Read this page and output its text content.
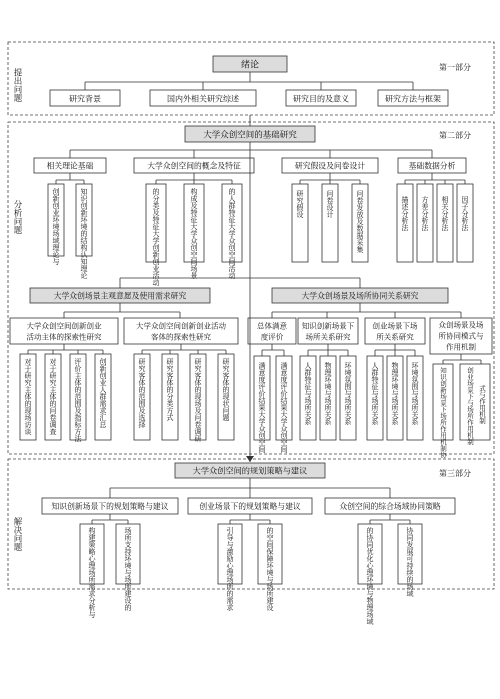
提出问题
分析问题
解决问题
第一部分
第二部分
第三部分
绪论
研究背景	国内外相关研究综述	研究目的及意义	研究方法与框架
大学众创空间的基础研究
相关理论基础	大学众创空间的概念及特征	研究假设及问卷设计	基础数据分析
创新创业环境场域理论与	知识创新环境的结构认知理论	的分类及特征大学创新创业活动	构成及特征大学众创空间场景	的人群特征大学众创空间活动	研究假设	问卷设计	问卷发放及数据采集	描述分析法 方差分析法 相关分析法 因子分析法
大学众创场景主观意愿及使用需求研究
大学众创空间创新创业
活动主体的探索性研究
大学众创空间创新创业活动
客体的探索性研究
对于研究主体的现场访谈 对于研究主体的问卷调查 评价主体的范围及指标方法 创新创业人群需求汇总	研究客体的范围及选择	研究客体的分类方式	研究客体的现场及问卷调研	研究客体的现状问题
大学众创场景及场所协同关系研究
总体满意
度评价
知识创新场景下
场所关系研究
创业场景下场
所关系研究
众创场景及场
所协同模式与
作用机制
满意度评价结果大学众创空间 满意度评价结果大学众创空间 人群特征与场所关系 物理环境与场所关系 环境氛围与场所关系	人群特征与场所关系 物理环境与场所关系 环境氛围与场所关系	知识创新场景下场所作用机制协	创业场景下与场所作用机制 式与作用机制
大学众创空间的规划策略与建议
知识创新场景下的规划策略与建议	创业场景下的规划策略与建议	众创空间的综合场域协同策略
构建策略心理场所需求分析与	场所支持环境与场所建设的	引导与激励心理场所的需求	的空间保障环境与场所建设	的协同优化心理环境与物理场域	协同发展可持续的场域
